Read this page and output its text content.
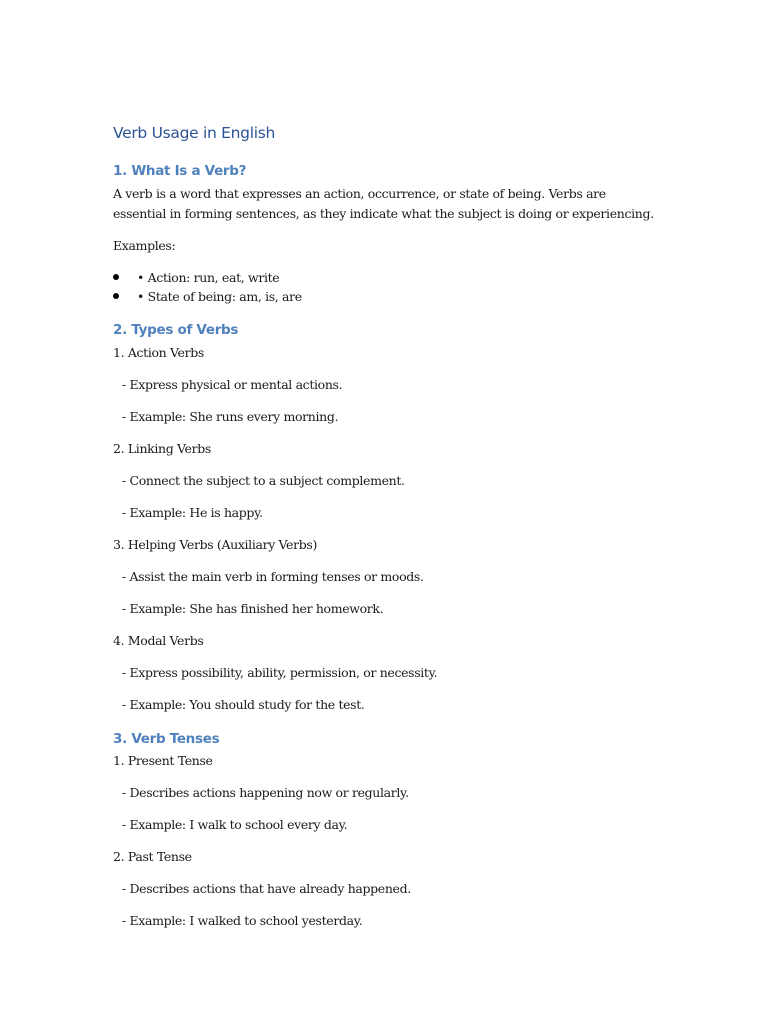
Verb Usage in English
1. What Is a Verb?

A verb is a word that expresses an action, occurrence, or state of being. Verbs are essential in forming sentences, as they indicate what the subject is doing or experiencing.

Examples:

• Action: run, eat, write
• State of being: am, is, are
2. Types of Verbs

1. Action Verbs

- Express physical or mental actions.

- Example: She runs every morning.

2. Linking Verbs

- Connect the subject to a subject complement.

- Example: He is happy.

3. Helping Verbs (Auxiliary Verbs)

- Assist the main verb in forming tenses or moods.

- Example: She has finished her homework.

4. Modal Verbs

- Express possibility, ability, permission, or necessity.

- Example: You should study for the test.

3. Verb Tenses

1. Present Tense

- Describes actions happening now or regularly.

- Example: I walk to school every day.

2. Past Tense

- Describes actions that have already happened.

- Example: I walked to school yesterday.
